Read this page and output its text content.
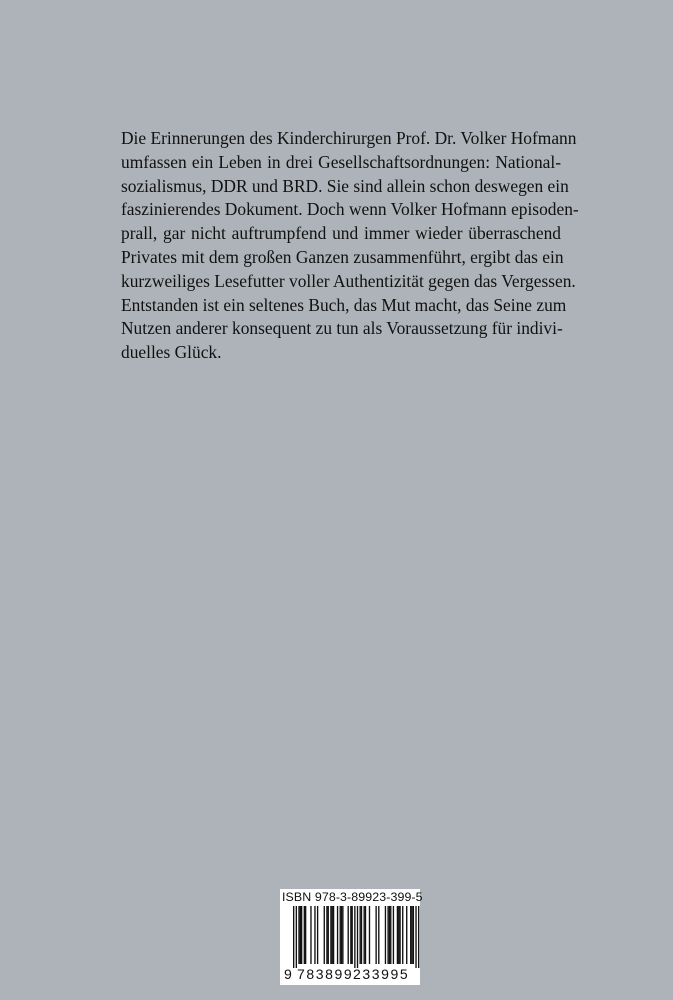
Die Erinnerungen des Kinderchirurgen Prof. Dr. Volker Hofmann
umfassen ein Leben in drei Gesellschaftsordnungen: National-
sozialismus, DDR und BRD. Sie sind allein schon deswegen ein
faszinierendes Dokument. Doch wenn Volker Hofmann episoden-
prall, gar nicht auftrumpfend und immer wieder überraschend
Privates mit dem großen Ganzen zusammenführt, ergibt das ein
kurzweiliges Lesefutter voller Authentizität gegen das Vergessen.
Entstanden ist ein seltenes Buch, das Mut macht, das Seine zum
Nutzen anderer konsequent zu tun als Voraussetzung für indivi-
duelles Glück.
ISBN 978-3-89923-399-5
9 783899 233995
